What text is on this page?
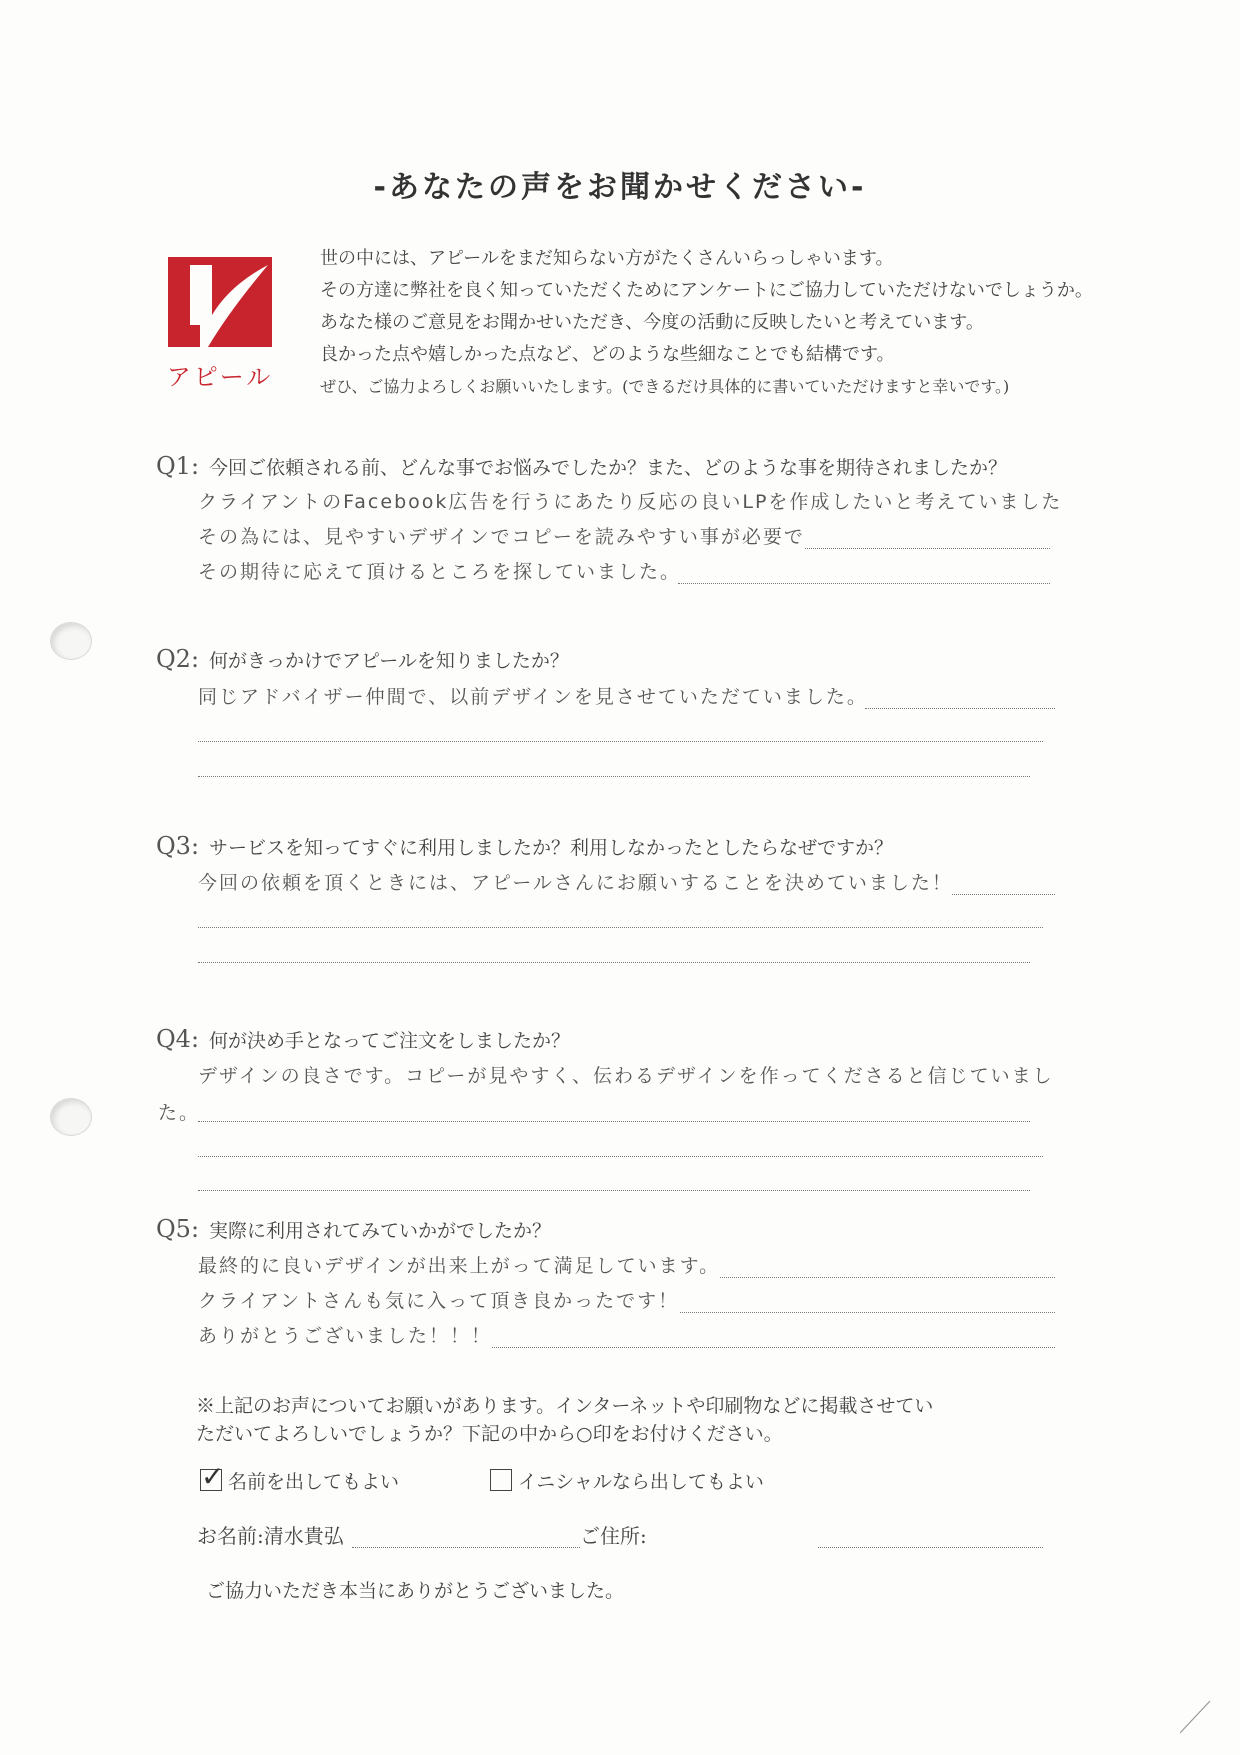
-あなたの声をお聞かせください-
アピール
世の中には、アピールをまだ知らない方がたくさんいらっしゃいます。
その方達に弊社を良く知っていただくためにアンケートにご協力していただけないでしょうか。
あなた様のご意見をお聞かせいただき、今度の活動に反映したいと考えています。
良かった点や嬉しかった点など、どのような些細なことでも結構です。
ぜひ、ご協力よろしくお願いいたします。(できるだけ具体的に書いていただけますと幸いです。)
Q1: 今回ご依頼される前、どんな事でお悩みでしたか？また、どのような事を期待されましたか？
クライアントのFacebook広告を行うにあたり反応の良いLPを作成したいと考えていました
その為には、見やすいデザインでコピーを読みやすい事が必要で
その期待に応えて頂けるところを探していました。
Q2: 何がきっかけでアピールを知りましたか？
同じアドバイザー仲間で、以前デザインを見させていただていました。
Q3: サービスを知ってすぐに利用しましたか？利用しなかったとしたらなぜですか？
今回の依頼を頂くときには、アピールさんにお願いすることを決めていました！
Q4: 何が決め手となってご注文をしましたか？
デザインの良さです。コピーが見やすく、伝わるデザインを作ってくださると信じていまし
た。
Q5: 実際に利用されてみていかがでしたか？
最終的に良いデザインが出来上がって満足しています。
クライアントさんも気に入って頂き良かったです！
ありがとうございました！！！
※上記のお声についてお願いがあります。インターネットや印刷物などに掲載させてい
ただいてよろしいでしょうか？下記の中から○印をお付けください。
✓ 名前を出してもよい	イニシャルなら出してもよい
お名前:清水貴弘	ご住所:
ご協力いただき本当にありがとうございました。
